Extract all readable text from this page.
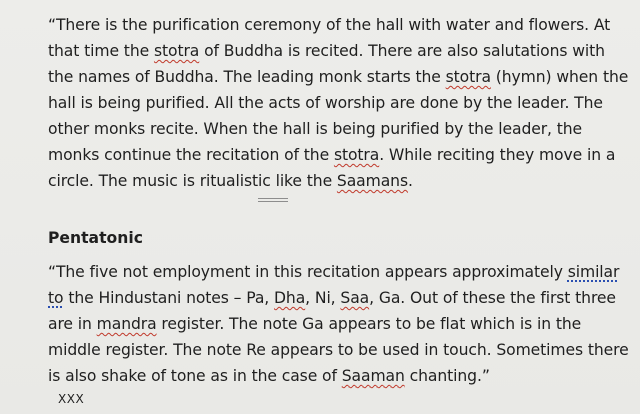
“There is the purification ceremony of the hall with water and flowers. At that time the stotra of Buddha is recited. There are also salutations with the names of Buddha. The leading monk starts the stotra (hymn) when the hall is being purified. All the acts of worship are done by the leader. The other monks recite. When the hall is being purified by the leader, the monks continue the recitation of the stotra. While reciting they move in a circle. The music is ritualistic like the Saamans.

Pentatonic

“The five not employment in this recitation appears approximately similar to the Hindustani notes – Pa, Dha, Ni, Saa, Ga. Out of these the first three are in mandra register. The note Ga appears to be flat which is in the middle register. The note Re appears to be used in touch. Sometimes there is also shake of tone as in the case of Saaman chanting.”

XXX
